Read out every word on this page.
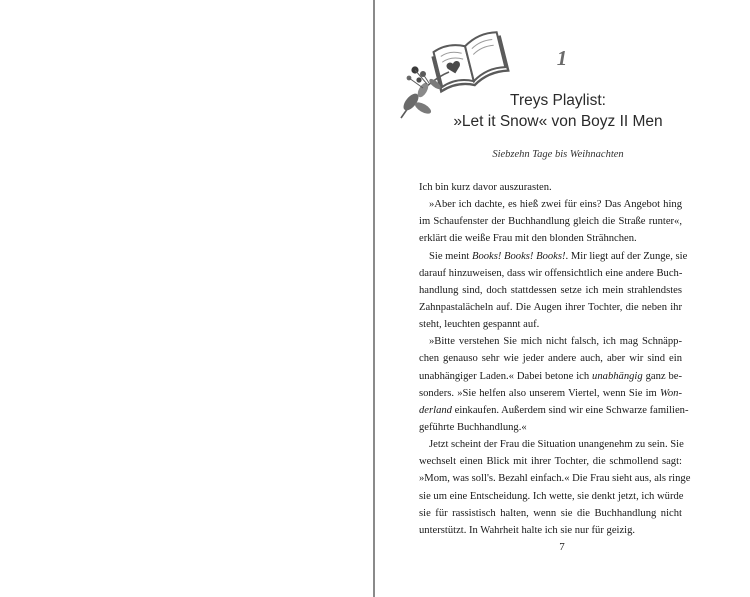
1
Treys Playlist:
»Let it Snow« von Boyz II Men
Siebzehn Tage bis Weihnachten
Ich bin kurz davor auszurasten.
»Aber ich dachte, es hieß zwei für eins? Das Angebot hing
im Schaufenster der Buchhandlung gleich die Straße runter«,
erklärt die weiße Frau mit den blonden Strähnchen.
Sie meint Books! Books! Books!. Mir liegt auf der Zunge, sie
darauf hinzuweisen, dass wir offensichtlich eine andere Buch-
handlung sind, doch stattdessen setze ich mein strahlendstes
Zahnpastalächeln auf. Die Augen ihrer Tochter, die neben ihr
steht, leuchten gespannt auf.
»Bitte verstehen Sie mich nicht falsch, ich mag Schnäpp-
chen genauso sehr wie jeder andere auch, aber wir sind ein
unabhängiger Laden.« Dabei betone ich unabhängig ganz be-
sonders. »Sie helfen also unserem Viertel, wenn Sie im Won-
derland einkaufen. Außerdem sind wir eine Schwarze familien-
geführte Buchhandlung.«
Jetzt scheint der Frau die Situation unangenehm zu sein. Sie
wechselt einen Blick mit ihrer Tochter, die schmollend sagt:
»Mom, was soll's. Bezahl einfach.« Die Frau sieht aus, als ringe
sie um eine Entscheidung. Ich wette, sie denkt jetzt, ich würde
sie für rassistisch halten, wenn sie die Buchhandlung nicht
unterstützt. In Wahrheit halte ich sie nur für geizig.
7
